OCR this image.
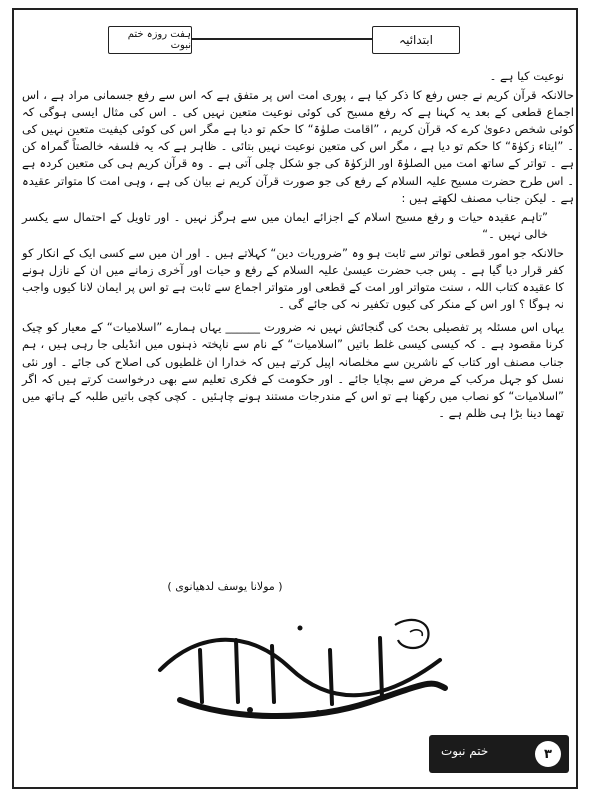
ہفت روزہ ختم نبوت	ابتدائیہ

نوعیت کیا ہے ۔

حالانکہ قرآن کریم نے جس رفع کا ذکر کیا ہے ، پوری امت اس پر متفق ہے کہ اس سے رفع جسمانی مراد ہے ، اس اجماع قطعی کے بعد یہ کہنا ہے کہ رفع مسیح کی کوئی نوعیت متعین نہیں کی ۔ اس کی مثال ایسی ہوگی کہ کوئی شخص دعویٰ کرے کہ قرآن کریم ، ”اقامت صلوٰۃ“ کا حکم تو دیا ہے مگر اس کی کوئی کیفیت متعین نہیں کی ۔ ”ایتاء زکوٰۃ“ کا حکم تو دیا ہے ، مگر اس کی متعین نوعیت نہیں بتائی ۔ ظاہر ہے کہ یہ فلسفہ خالصتاً گمراہ کن ہے ۔ تواتر کے ساتھ امت میں الصلوٰۃ اور الزکوٰۃ کی جو شکل چلی آتی ہے ۔ وہ قرآن کریم ہی کی متعین کردہ ہے ۔ اس طرح حضرت مسیح علیہ السلام کے رفع کی جو صورت قرآن کریم نے بیان کی ہے ، وہی امت کا متواتر عقیدہ ہے ۔ لیکن جناب مصنف لکھتے ہیں :

”تاہم عقیدہ حیات و رفع مسیح اسلام کے اجزائے ایمان میں سے ہرگز نہیں ۔ اور تاویل کے احتمال سے یکسر خالی نہیں ۔“

حالانکہ جو امور قطعی تواتر سے ثابت ہو وہ ”ضروریات دین“ کہلاتے ہیں ۔ اور ان میں سے کسی ایک کے انکار کو کفر قرار دیا گیا ہے ۔ پس جب حضرت عیسیٰ علیہ السلام کے رفع و حیات اور آخری زمانے میں ان کے نازل ہونے کا عقیدہ کتاب اللہ ، سنت متواتر اور امت کے قطعی اور متواتر اجماع سے ثابت ہے تو اس پر ایمان لانا کیوں واجب نہ ہوگا ؟ اور اس کے منکر کی کیوں تکفیر نہ کی جائے گی ۔

یہاں اس مسئلہ پر تفصیلی بحث کی گنجائش نہیں نہ ضرورت ______ یہاں ہمارے ”اسلامیات“ کے معیار کو چیک کرنا مقصود ہے ۔ کہ کیسی کیسی غلط باتیں ”اسلامیات“ کے نام سے ناپختہ ذہنوں میں انڈیلی جا رہی ہیں ، ہم جناب مصنف اور کتاب کے ناشرین سے مخلصانہ اپیل کرتے ہیں کہ خدارا ان غلطیوں کی اصلاح کی جائے ۔ اور نئی نسل کو جہل مرکب کے مرض سے بچایا جائے ۔ اور حکومت کے فکری تعلیم سے بھی درخواست کرتے ہیں کہ اگر ”اسلامیات“ کو نصاب میں رکھنا ہے تو اس کے مندرجات مستند ہونے چاہئیں ۔ کچی کچی باتیں طلبہ کے ہاتھ میں تھما دینا بڑا ہی ظلم ہے ۔

( مولانا یوسف لدھیانوی )
ختم نبوت	۳
